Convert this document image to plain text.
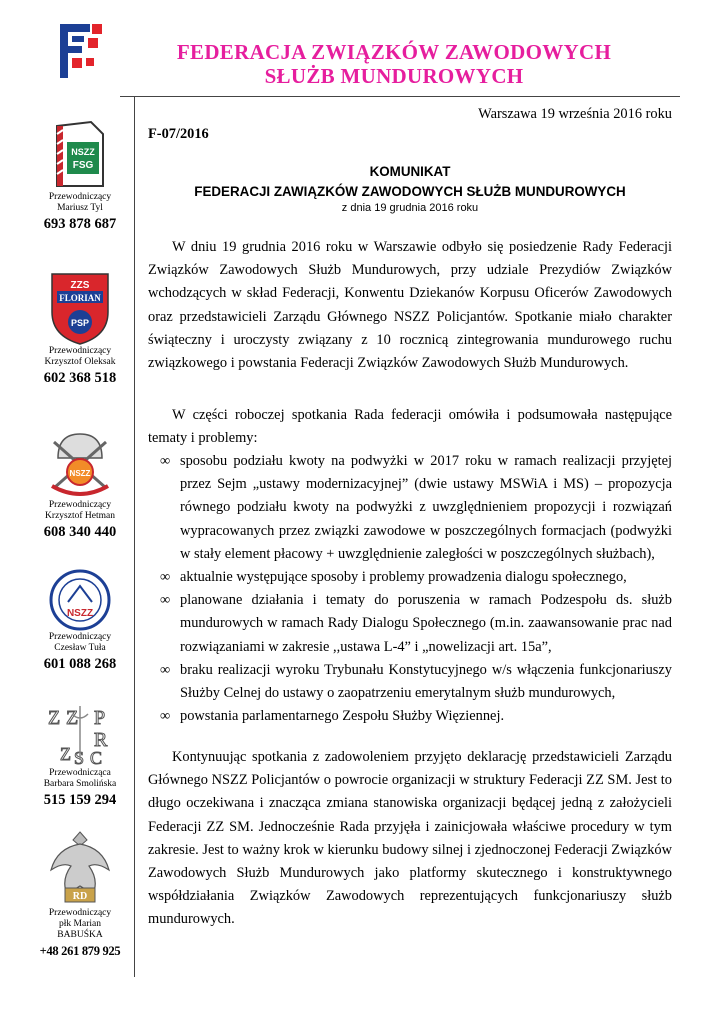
FEDERACJA ZWIĄZKÓW ZAWODOWYCH
SŁUŻB MUNDUROWYCH
NSZZ
FSG
Przewodniczący
Mariusz Tyl
693 878 687
ZZS
FLORIAN
PSP
Przewodniczący
Krzysztof Oleksak
602 368 518
NSZZ
Przewodniczący
Krzysztof Hetman
608 340 440
NSZZ
Przewodniczący
Czesław Tuła
601 088 268
Z Z P
R
Z S C
Przewodnicząca
Barbara Smolińska
515 159 294
RD
Przewodniczący
płk Marian
BABUŚKA
+48 261 879 925
Warszawa 19 września 2016 roku
F-07/2016
KOMUNIKAT
FEDERACJI ZAWIĄZKÓW ZAWODOWYCH SŁUŻB MUNDUROWYCH
z dnia 19 grudnia 2016 roku
W dniu 19 grudnia 2016 roku w Warszawie odbyło się posiedzenie Rady Federacji Związków Zawodowych Służb Mundurowych, przy udziale Prezydiów Związków wchodzących w skład Federacji, Konwentu Dziekanów Korpusu Oficerów Zawodowych oraz przedstawicieli Zarządu Głównego NSZZ Policjantów. Spotkanie miało charakter świąteczny i uroczysty związany z 10 rocznicą zintegrowania mundurowego ruchu związkowego i powstania Federacji Związków Zawodowych Służb Mundurowych.
W części roboczej spotkania Rada federacji omówiła i podsumowała następujące tematy i problemy:
∞ sposobu podziału kwoty na podwyżki w 2017 roku w ramach realizacji przyjętej przez Sejm „ustawy modernizacyjnej” (dwie ustawy MSWiA i MS) – propozycja równego podziału kwoty na podwyżki z uwzględnieniem propozycji i rozwiązań wypracowanych przez związki zawodowe w poszczególnych formacjach (podwyżki w stały element płacowy + uwzględnienie zaległości w poszczególnych służbach),
∞ aktualnie występujące sposoby i problemy prowadzenia dialogu społecznego,
∞ planowane działania i tematy do poruszenia w ramach Podzespołu ds. służb mundurowych w ramach Rady Dialogu Społecznego (m.in. zaawansowanie prac nad rozwiązaniami w zakresie ,,ustawa L-4” i „nowelizacji art. 15a”,
∞ braku realizacji wyroku Trybunału Konstytucyjnego w/s włączenia funkcjonariuszy Służby Celnej do ustawy o zaopatrzeniu emerytalnym służb mundurowych,
∞ powstania parlamentarnego Zespołu Służby Więziennej.
Kontynuując spotkania z zadowoleniem przyjęto deklarację przedstawicieli Zarządu Głównego NSZZ Policjantów o powrocie organizacji w struktury Federacji ZZ SM. Jest to długo oczekiwana i znacząca zmiana stanowiska organizacji będącej jedną z założycieli Federacji ZZ SM. Jednocześnie Rada przyjęła i zainicjowała właściwe procedury w tym zakresie. Jest to ważny krok w kierunku budowy silnej i zjednoczonej Federacji Związków Zawodowych Służb Mundurowych jako platformy skutecznego i konstruktywnego współdziałania Związków Zawodowych reprezentujących funkcjonariuszy służb mundurowych.
